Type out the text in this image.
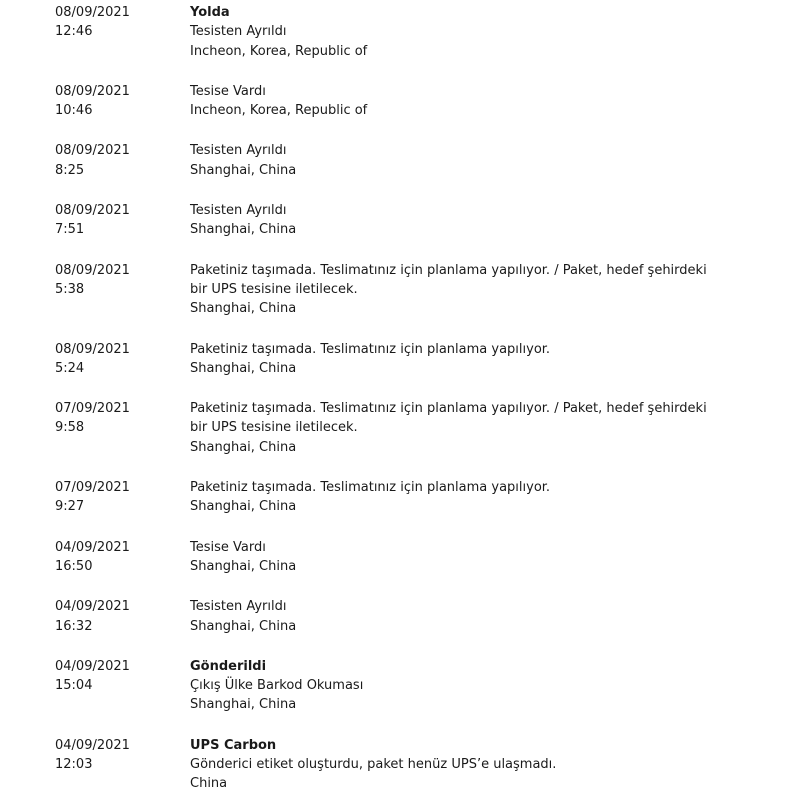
08/09/2021
12:46
Yolda
Tesisten Ayrıldı
Incheon, Korea, Republic of
08/09/2021
10:46
Tesise Vardı
Incheon, Korea, Republic of
08/09/2021
8:25
Tesisten Ayrıldı
Shanghai, China
08/09/2021
7:51
Tesisten Ayrıldı
Shanghai, China
08/09/2021
5:38
Paketiniz taşımada. Teslimatınız için planlama yapılıyor. / Paket, hedef şehirdeki bir UPS tesisine iletilecek.
Shanghai, China
08/09/2021
5:24
Paketiniz taşımada. Teslimatınız için planlama yapılıyor.
Shanghai, China
07/09/2021
9:58
Paketiniz taşımada. Teslimatınız için planlama yapılıyor. / Paket, hedef şehirdeki bir UPS tesisine iletilecek.
Shanghai, China
07/09/2021
9:27
Paketiniz taşımada. Teslimatınız için planlama yapılıyor.
Shanghai, China
04/09/2021
16:50
Tesise Vardı
Shanghai, China
04/09/2021
16:32
Tesisten Ayrıldı
Shanghai, China
04/09/2021
15:04
Gönderildi
Çıkış Ülke Barkod Okuması
Shanghai, China
04/09/2021
12:03
UPS Carbon
Gönderici etiket oluşturdu, paket henüz UPS’e ulaşmadı.
China
